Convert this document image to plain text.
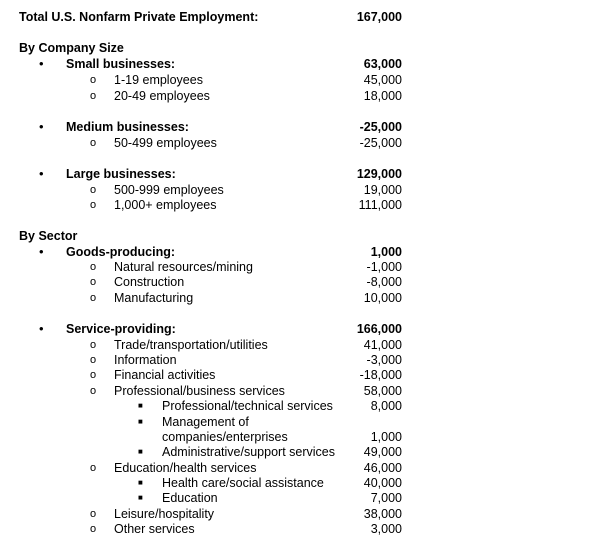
Total U.S. Nonfarm Private Employment:	167,000
By Company Size
• Small businesses:	63,000
o 1-19 employees	45,000
o 20-49 employees	18,000
• Medium businesses:	-25,000
o 50-499 employees	-25,000
• Large businesses:	129,000
o 500-999 employees	19,000
o 1,000+ employees	111,000
By Sector
• Goods-producing:	1,000
o Natural resources/mining	-1,000
o Construction	-8,000
o Manufacturing	10,000
• Service-providing:	166,000
o Trade/transportation/utilities	41,000
o Information	-3,000
o Financial activities	-18,000
o Professional/business services	58,000
■ Professional/technical services	8,000
■ Management of
companies/enterprises	1,000
■ Administrative/support services 49,000
o Education/health services	46,000
■ Health care/social assistance	40,000
■ Education	7,000
o Leisure/hospitality	38,000
o Other services	3,000
